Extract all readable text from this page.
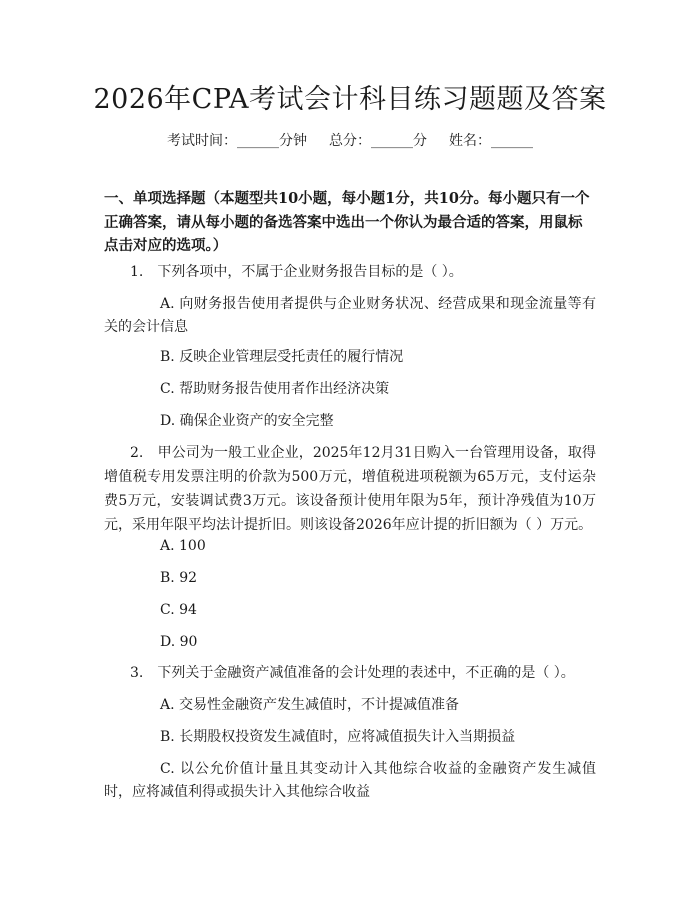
2026年CPA考试会计科目练习题题及答案
考试时间：______分钟 总分：______分 姓名：______
一、单项选择题（本题型共10小题，每小题1分，共10分。每小题只有一个正确答案，请从每小题的备选答案中选出一个你认为最合适的答案，用鼠标点击对应的选项。）
1.　下列各项中，不属于企业财务报告目标的是（ ）。
A. 向财务报告使用者提供与企业财务状况、经营成果和现金流量等有关的会计信息
B. 反映企业管理层受托责任的履行情况
C. 帮助财务报告使用者作出经济决策
D. 确保企业资产的安全完整
2.　甲公司为一般工业企业，2025年12月31日购入一台管理用设备，取得增值税专用发票注明的价款为500万元，增值税进项税额为65万元，支付运杂费5万元，安装调试费3万元。该设备预计使用年限为5年，预计净残值为10万元，采用年限平均法计提折旧。则该设备2026年应计提的折旧额为（ ）万元。
A. 100
B. 92
C. 94
D. 90
3.　下列关于金融资产减值准备的会计处理的表述中，不正确的是（ ）。
A. 交易性金融资产发生减值时，不计提减值准备
B. 长期股权投资发生减值时，应将减值损失计入当期损益
C. 以公允价值计量且其变动计入其他综合收益的金融资产发生减值时，应将减值利得或损失计入其他综合收益
